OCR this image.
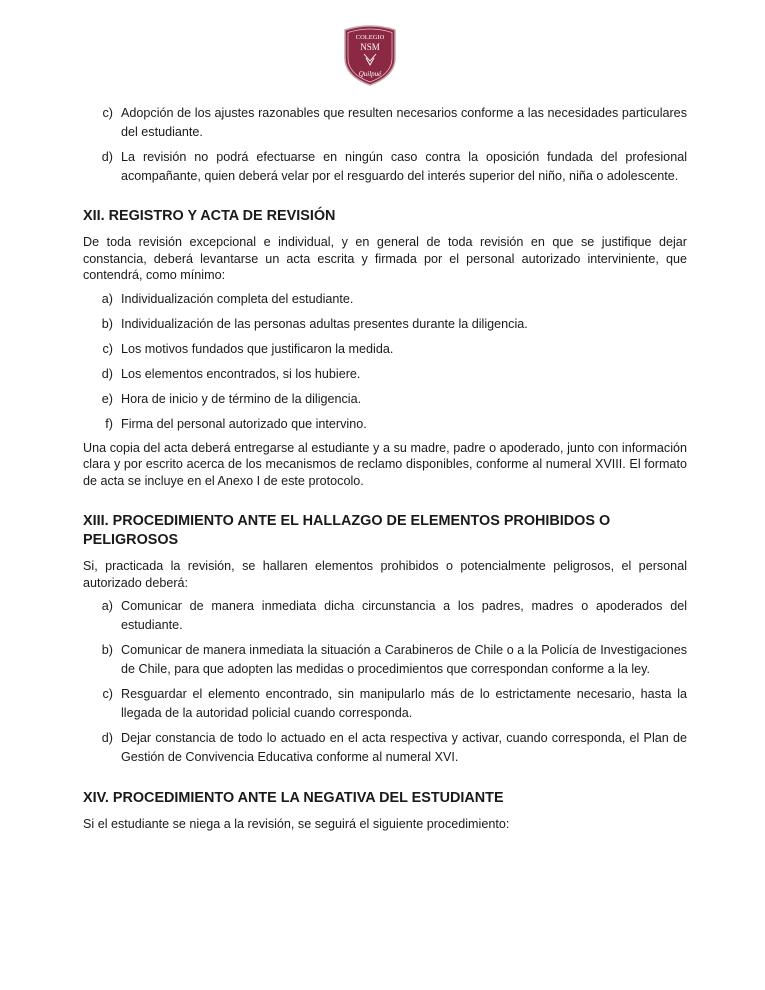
COLEGIO
NSM
Quilpué
c) Adopción de los ajustes razonables que resulten necesarios conforme a las necesidades particulares del estudiante.
d) La revisión no podrá efectuarse en ningún caso contra la oposición fundada del profesional acompañante, quien deberá velar por el resguardo del interés superior del niño, niña o adolescente.
XII. REGISTRO Y ACTA DE REVISIÓN

De toda revisión excepcional e individual, y en general de toda revisión en que se justifique dejar constancia, deberá levantarse un acta escrita y firmada por el personal autorizado interviniente, que contendrá, como mínimo:

a) Individualización completa del estudiante.
b) Individualización de las personas adultas presentes durante la diligencia.
c) Los motivos fundados que justificaron la medida.
d) Los elementos encontrados, si los hubiere.
e) Hora de inicio y de término de la diligencia.
f) Firma del personal autorizado que intervino.

Una copia del acta deberá entregarse al estudiante y a su madre, padre o apoderado, junto con información clara y por escrito acerca de los mecanismos de reclamo disponibles, conforme al numeral XVIII. El formato de acta se incluye en el Anexo I de este protocolo.

XIII. PROCEDIMIENTO ANTE EL HALLAZGO DE ELEMENTOS PROHIBIDOS O PELIGROSOS

Si, practicada la revisión, se hallaren elementos prohibidos o potencialmente peligrosos, el personal autorizado deberá:

a) Comunicar de manera inmediata dicha circunstancia a los padres, madres o apoderados del estudiante.
b) Comunicar de manera inmediata la situación a Carabineros de Chile o a la Policía de Investigaciones de Chile, para que adopten las medidas o procedimientos que correspondan conforme a la ley.
c) Resguardar el elemento encontrado, sin manipularlo más de lo estrictamente necesario, hasta la llegada de la autoridad policial cuando corresponda.
d) Dejar constancia de todo lo actuado en el acta respectiva y activar, cuando corresponda, el Plan de Gestión de Convivencia Educativa conforme al numeral XVI.
XIV. PROCEDIMIENTO ANTE LA NEGATIVA DEL ESTUDIANTE

Si el estudiante se niega a la revisión, se seguirá el siguiente procedimiento:
